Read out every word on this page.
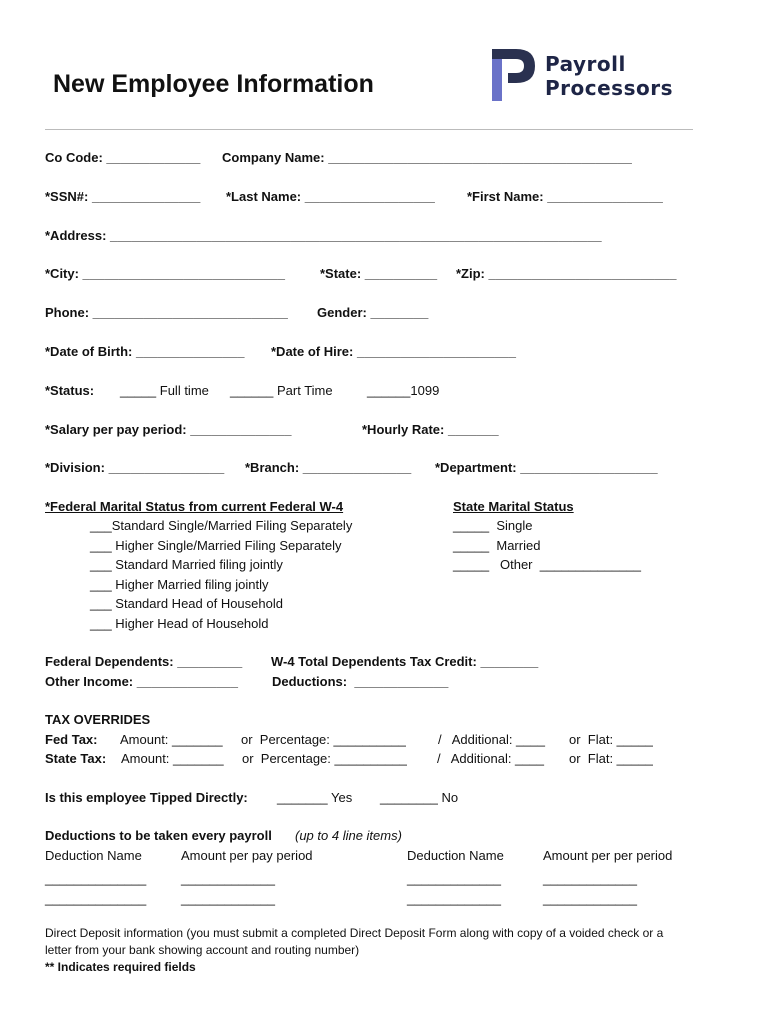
New Employee Information
Payroll
Processors
Co Code: _____________ Company Name: __________________________________________
*SSN#: _______________ *Last Name: __________________ *First Name: ________________
*Address: ____________________________________________________________________
*City: ____________________________	*State: __________ *Zip: __________________________
Phone: ___________________________ Gender: ________
*Date of Birth: _______________ *Date of Hire: ______________________
*Status: _____ Full time ______ Part Time	______1099
*Salary per pay period: ______________	*Hourly Rate: _______
*Division: ________________ *Branch: _______________ *Department: ___________________
*Federal Marital Status from current Federal W-4
___Standard Single/Married Filing Separately
___ Higher Single/Married Filing Separately
___ Standard Married filing jointly
___ Higher Married filing jointly
___ Standard Head of Household
___ Higher Head of Household
State Marital Status
_____  Single
_____  Married
_____   Other  ______________
Federal Dependents: _________ W-4 Total Dependents Tax Credit: ________
Other Income: ______________	Deductions:  _____________
TAX OVERRIDES
Fed Tax: Amount: _______ or  Percentage: __________ /   Additional: ____ or  Flat: _____
State Tax: Amount: _______ or  Percentage: __________ /   Additional: ____ or  Flat: _____
Is this employee Tipped Directly: _______ Yes ________ No
Deductions to be taken every payroll (up to 4 line items)
Deduction Name	Amount per pay period	Deduction Name	Amount per per period
______________	_____________	_____________	_____________
______________	_____________	_____________	_____________
Direct Deposit information (you must submit a completed Direct Deposit Form along with copy of a voided check or a
letter from your bank showing account and routing number)
** Indicates required fields
